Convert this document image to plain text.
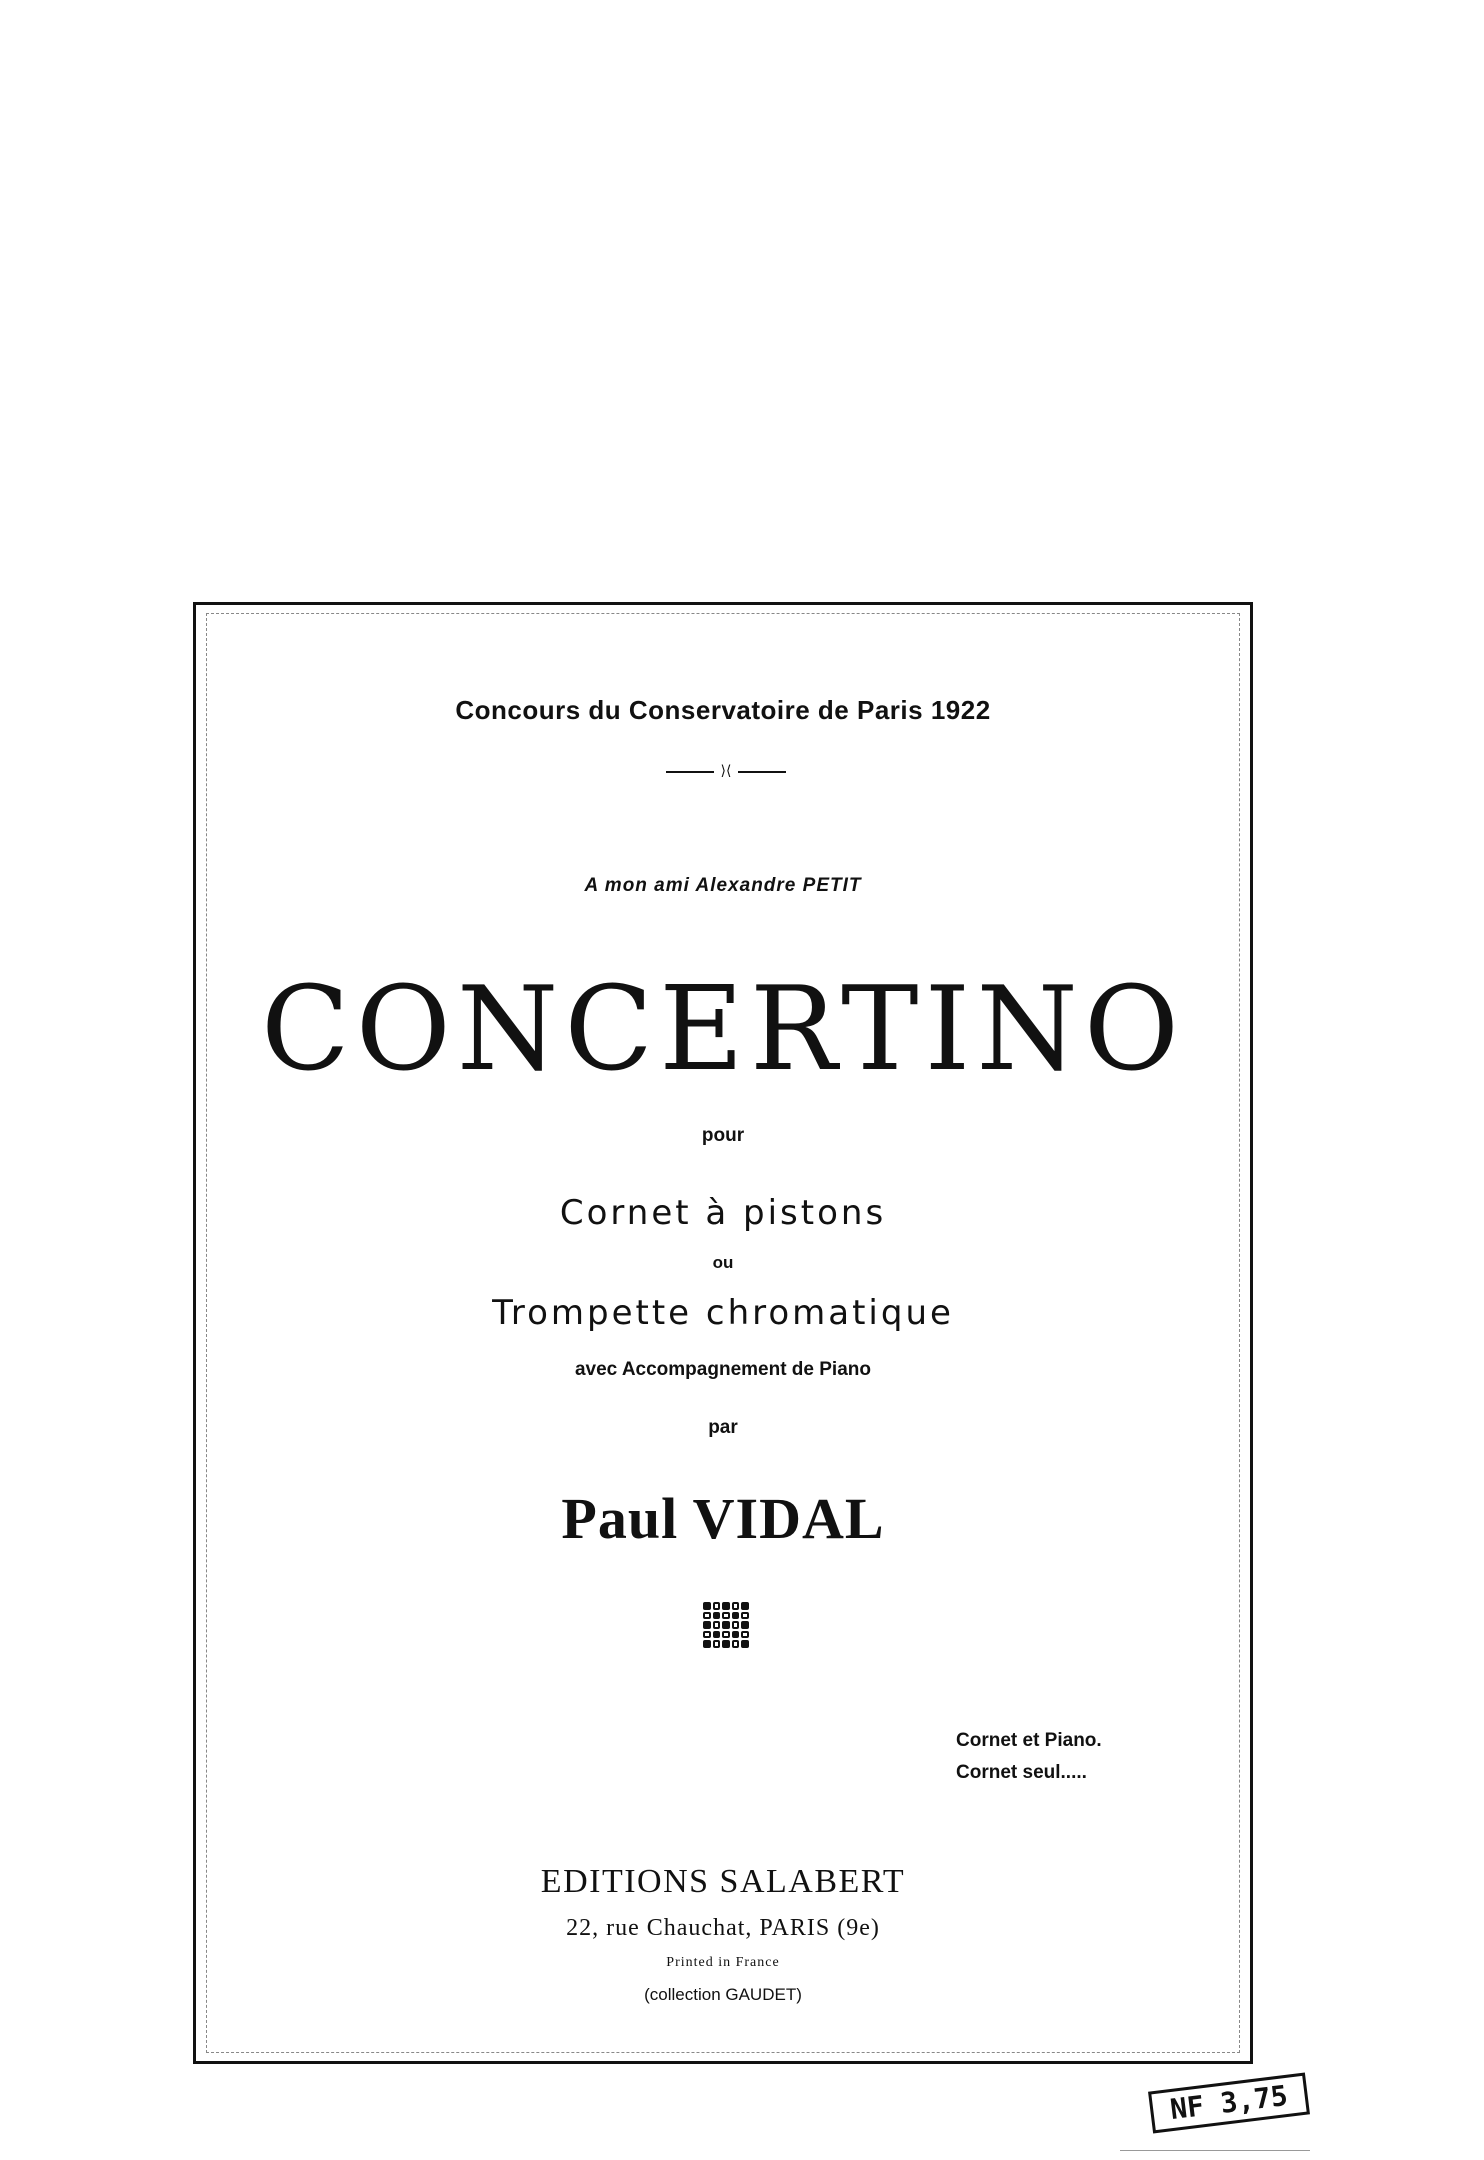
Concours du Conservatoire de Paris 1922
⟩⟨
A mon ami Alexandre PETIT
CONCERTINO
pour
Cornet à pistons
ou
Trompette chromatique
avec Accompagnement de Piano
par
Paul VIDAL
Cornet et Piano.
Cornet seul.....
EDITIONS SALABERT
22, rue Chauchat, PARIS (9e)
Printed in France
(collection GAUDET)
NF 3,75
